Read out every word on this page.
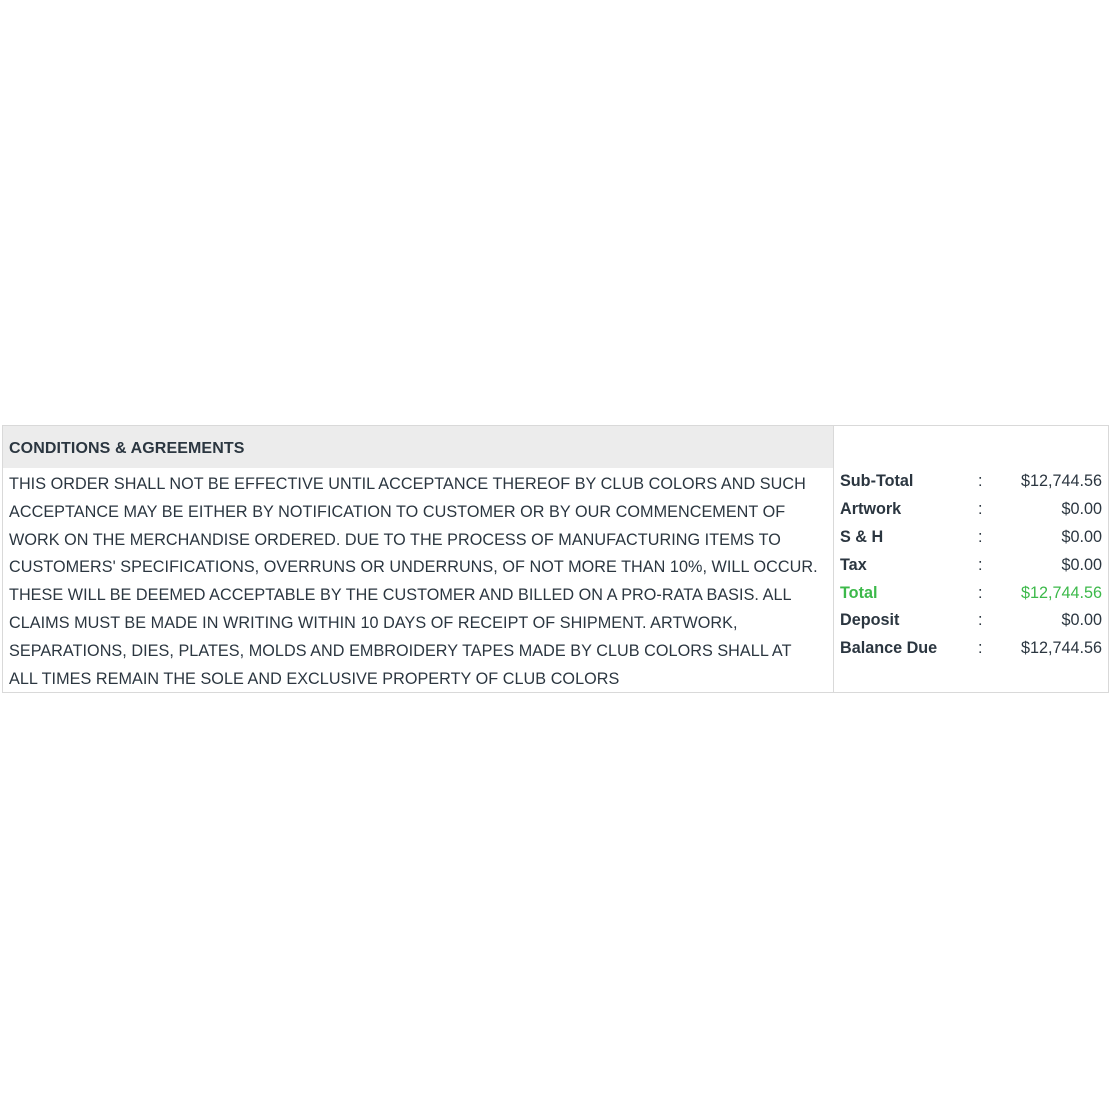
CONDITIONS & AGREEMENTS
THIS ORDER SHALL NOT BE EFFECTIVE UNTIL ACCEPTANCE THEREOF BY CLUB COLORS AND SUCH ACCEPTANCE MAY BE EITHER BY NOTIFICATION TO CUSTOMER OR BY OUR COMMENCEMENT OF WORK ON THE MERCHANDISE ORDERED. DUE TO THE PROCESS OF MANUFACTURING ITEMS TO CUSTOMERS' SPECIFICATIONS, OVERRUNS OR UNDERRUNS, OF NOT MORE THAN 10%, WILL OCCUR. THESE WILL BE DEEMED ACCEPTABLE BY THE CUSTOMER AND BILLED ON A PRO-RATA BASIS. ALL CLAIMS MUST BE MADE IN WRITING WITHIN 10 DAYS OF RECEIPT OF SHIPMENT. ARTWORK, SEPARATIONS, DIES, PLATES, MOLDS AND EMBROIDERY TAPES MADE BY CLUB COLORS SHALL AT ALL TIMES REMAIN THE SOLE AND EXCLUSIVE PROPERTY OF CLUB COLORS
Sub-Total	:	$12,744.56
Artwork	:	$0.00
S & H	:	$0.00
Tax	:	$0.00
Total	:	$12,744.56
Deposit	:	$0.00
Balance Due	:	$12,744.56
